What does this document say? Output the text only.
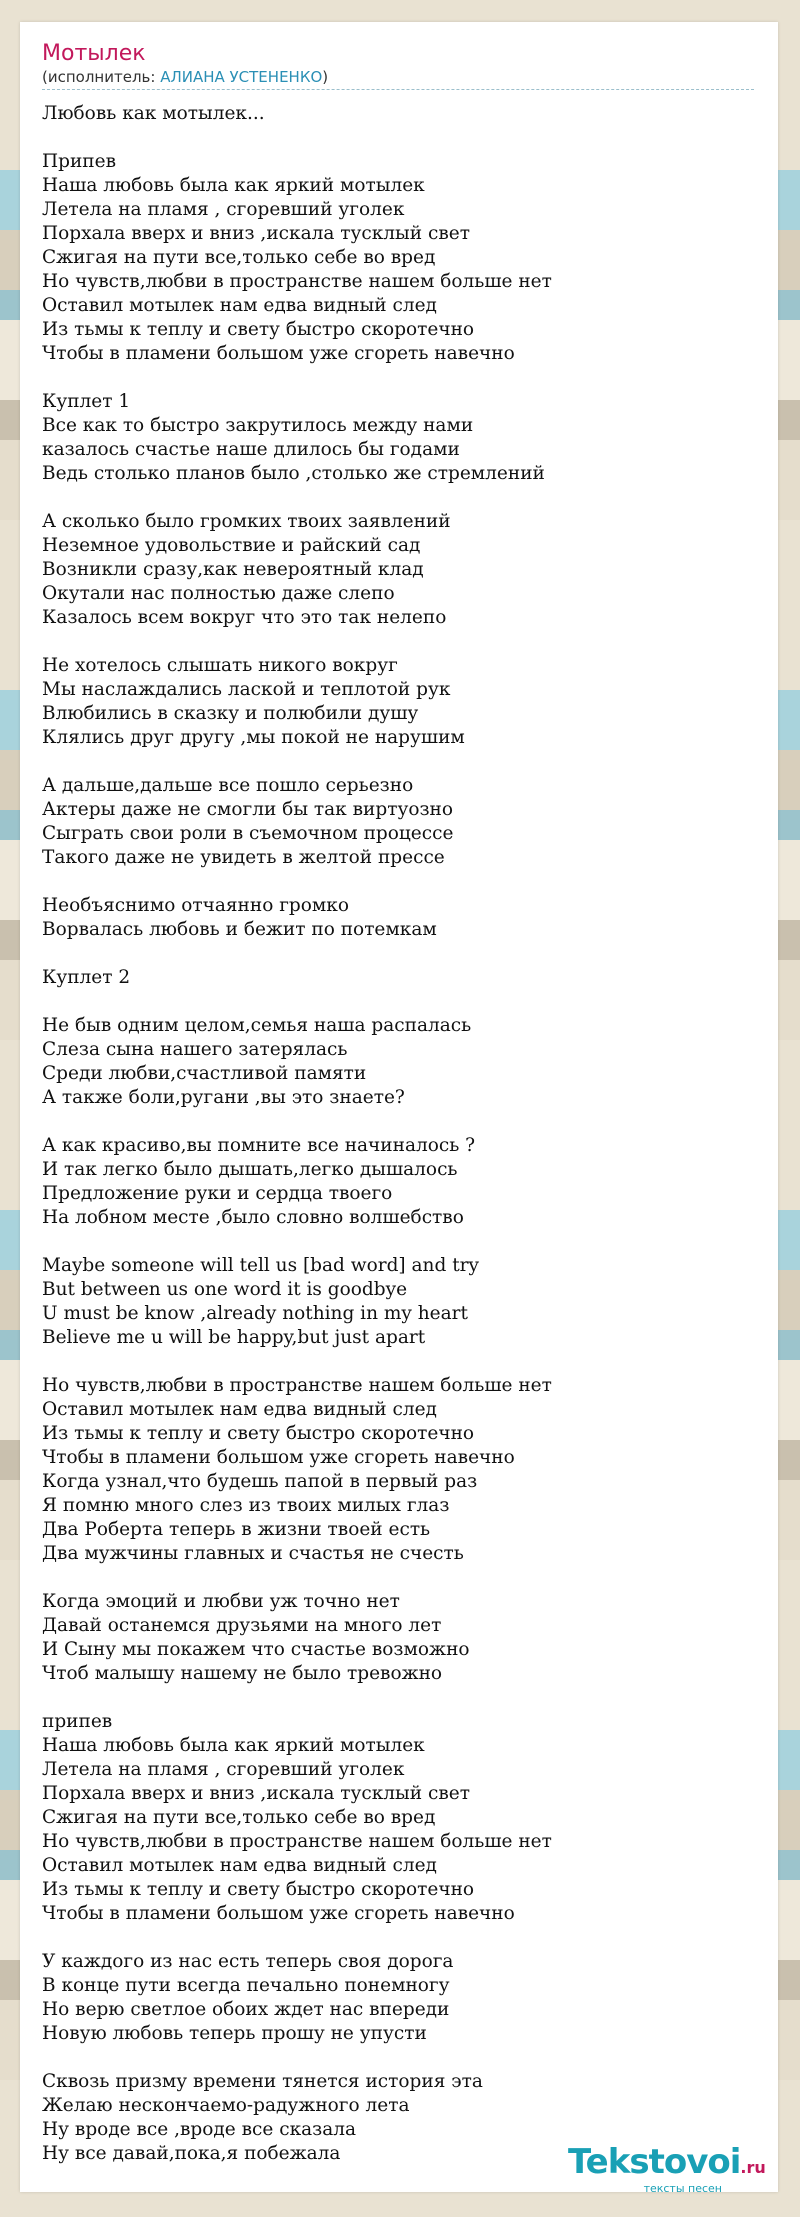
Мотылек
(исполнитель: АЛИАНА УСТЕНЕНКО)
Любовь как мотылек...
Припев
Наша любовь была как яркий мотылек
Летела на пламя , сгоревший уголек
Порхала вверх и вниз ,искала тусклый свет
Сжигая на пути все,только себе во вред
Но чувств,любви в пространстве нашем больше нет
Оставил мотылек нам едва видный след
Из тьмы к теплу и свету быстро скоротечно
Чтобы в пламени большом уже сгореть навечно
Куплет 1
Все как то быстро закрутилось между нами
казалось счастье наше длилось бы годами
Ведь столько планов было ,столько же стремлений
А сколько было громких твоих заявлений
Неземное удовольствие и райский сад
Возникли сразу,как невероятный клад
Окутали нас полностью даже слепо
Казалось всем вокруг что это так нелепо
Не хотелось слышать никого вокруг
Мы наслаждались лаской и теплотой рук
Влюбились в сказку и полюбили душу
Клялись друг другу ,мы покой не нарушим
А дальше,дальше все пошло серьезно
Актеры даже не смогли бы так виртуозно
Сыграть свои роли в съемочном процессе
Такого даже не увидеть в желтой прессе
Необъяснимо отчаянно громко
Ворвалась любовь и бежит по потемкам
Куплет 2
Не быв одним целом,семья наша распалась
Слеза сына нашего затерялась
Среди любви,счастливой памяти
А также боли,ругани ,вы это знаете?
А как красиво,вы помните все начиналось ?
И так легко было дышать,легко дышалось
Предложение руки и сердца твоего
На лобном месте ,было словно волшебство
Maybe someone will tell us [bad word] and try
But between us one word it is goodbye
U must be know ,already nothing in my heart
Believe me u will be happy,but just apart
Но чувств,любви в пространстве нашем больше нет
Оставил мотылек нам едва видный след
Из тьмы к теплу и свету быстро скоротечно
Чтобы в пламени большом уже сгореть навечно
Когда узнал,что будешь папой в первый раз
Я помню много слез из твоих милых глаз
Два Роберта теперь в жизни твоей есть
Два мужчины главных и счастья не счесть
Когда эмоций и любви уж точно нет
Давай останемся друзьями на много лет
И Сыну мы покажем что счастье возможно
Чтоб малышу нашему не было тревожно
припев
Наша любовь была как яркий мотылек
Летела на пламя , сгоревший уголек
Порхала вверх и вниз ,искала тусклый свет
Сжигая на пути все,только себе во вред
Но чувств,любви в пространстве нашем больше нет
Оставил мотылек нам едва видный след
Из тьмы к теплу и свету быстро скоротечно
Чтобы в пламени большом уже сгореть навечно
У каждого из нас есть теперь своя дорога
В конце пути всегда печально понемногу
Но верю светлое обоих ждет нас впереди
Новую любовь теперь прошу не упусти
Сквозь призму времени тянется история эта
Желаю нескончаемо-радужного лета
Ну вроде все ,вроде все сказала
Ну все давай,пока,я побежала	Tekstovoi.ru
тексты песен
